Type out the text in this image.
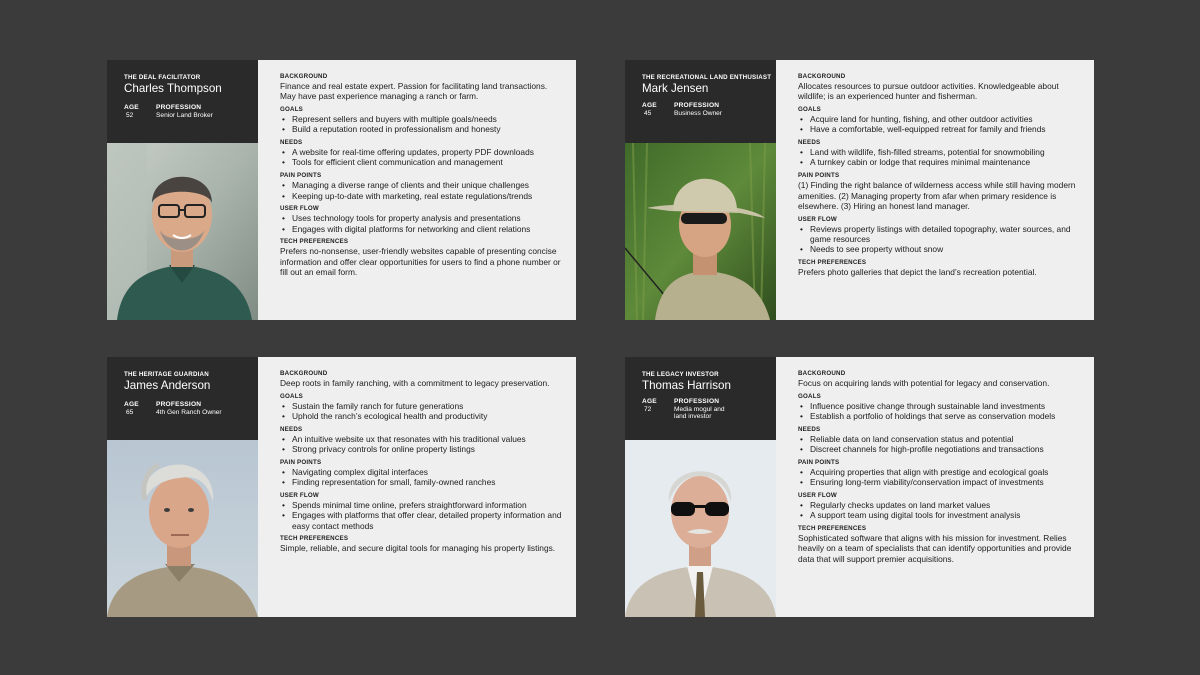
THE DEAL FACILITATOR
Charles Thompson
AGE
52
PROFESSION
Senior Land Broker
BACKGROUND
Finance and real estate expert. Passion for facilitating land transactions. May have past experience managing a ranch or farm.
GOALS
• Represent sellers and buyers with multiple goals/needs
• Build a reputation rooted in professionalism and honesty
NEEDS
• A website for real-time offering updates, property PDF downloads
• Tools for efficient client communication and management
PAIN POINTS
• Managing a diverse range of clients and their unique challenges
• Keeping up-to-date with marketing, real estate regulations/trends
USER FLOW
• Uses technology tools for property analysis and presentations
• Engages with digital platforms for networking and client relations
TECH PREFERENCES
Prefers no-nonsense, user-friendly websites capable of presenting concise information and offer clear opportunities for users to find a phone number or fill out an email form.
THE RECREATIONAL LAND ENTHUSIAST
Mark Jensen
AGE
45
PROFESSION
Business Owner
BACKGROUND
Allocates resources to pursue outdoor activities. Knowledgeable about wildlife; is an experienced hunter and fisherman.
GOALS
• Acquire land for hunting, fishing, and other outdoor activities
• Have a comfortable, well-equipped retreat for family and friends
NEEDS
• Land with wildlife, fish-filled streams, potential for snowmobiling
• A turnkey cabin or lodge that requires minimal maintenance
PAIN POINTS
(1) Finding the right balance of wilderness access while still having modern amenities. (2) Managing property from afar when primary residence is elsewhere. (3) Hiring an honest land manager.
USER FLOW
• Reviews property listings with detailed topography, water sources, and game resources
• Needs to see property without snow
TECH PREFERENCES
Prefers photo galleries that depict the land’s recreation potential.
THE HERITAGE GUARDIAN
James Anderson
AGE
65
PROFESSION
4th Gen Ranch Owner
BACKGROUND
Deep roots in family ranching, with a commitment to legacy preservation.
GOALS
• Sustain the family ranch for future generations
• Uphold the ranch’s ecological health and productivity
NEEDS
• An intuitive website ux that resonates with his traditional values
• Strong privacy controls for online property listings
PAIN POINTS
• Navigating complex digital interfaces
• Finding representation for small, family-owned ranches
USER FLOW
• Spends minimal time online, prefers straightforward information
• Engages with platforms that offer clear, detailed property information and easy contact methods
TECH PREFERENCES
Simple, reliable, and secure digital tools for managing his property listings.
THE LEGACY INVESTOR
Thomas Harrison
AGE
72
PROFESSION
Media mogul and land investor
BACKGROUND
Focus on acquiring lands with potential for legacy and conservation.
GOALS
• Influence positive change through sustainable land investments
• Establish a portfolio of holdings that serve as conservation models
NEEDS
• Reliable data on land conservation status and potential
• Discreet channels for high-profile negotiations and transactions
PAIN POINTS
• Acquiring properties that align with prestige and ecological goals
• Ensuring long-term viability/conservation impact of investments
USER FLOW
• Regularly checks updates on land market values
• A support team using digital tools for investment analysis
TECH PREFERENCES
Sophisticated software that aligns with his mission for investment. Relies heavily on a team of specialists that can identify opportunities and provide data that will support premier acquisitions.
